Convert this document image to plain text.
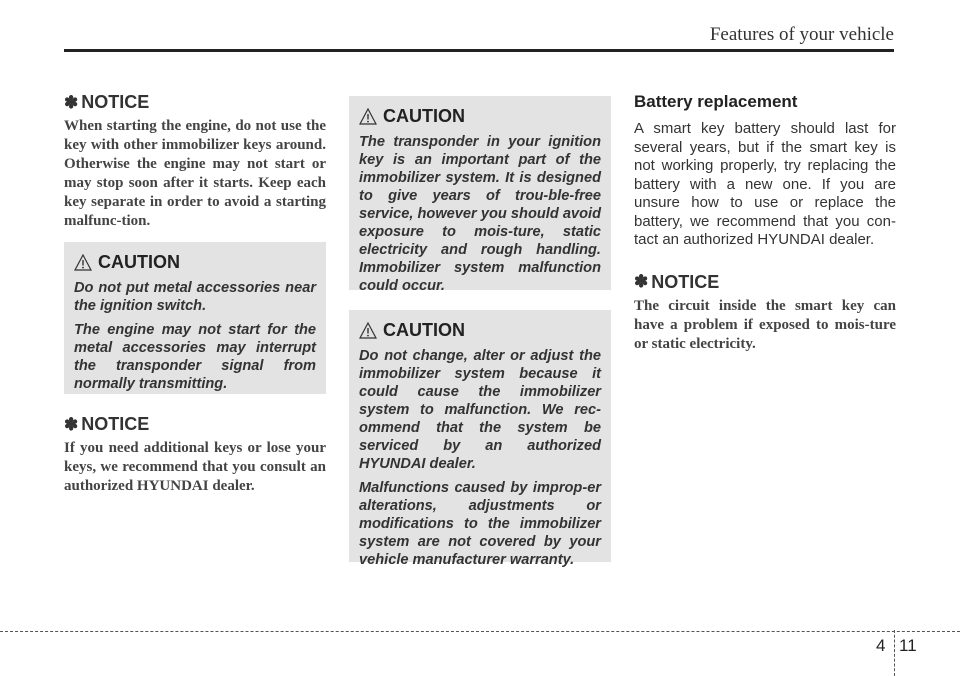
Features of your vehicle
✽ NOTICE

When starting the engine, do not use the key with other immobilizer keys around. Otherwise the engine may not start or may stop soon after it starts. Keep each key separate in order to avoid a starting malfunc-tion.

CAUTION

Do not put metal accessories near the ignition switch.

The engine may not start for the metal accessories may interrupt the transponder signal from normally transmitting.

✽ NOTICE

If you need additional keys or lose your keys, we recommend that you consult an authorized HYUNDAI dealer.

CAUTION

The transponder in your ignition key is an important part of the immobilizer system. It is designed to give years of trou-ble-free service, however you should avoid exposure to mois-ture, static electricity and rough handling. Immobilizer system malfunction could occur.

CAUTION

Do not change, alter or adjust the immobilizer system because it could cause the immobilizer system to malfunction. We rec-ommend that the system be serviced by an authorized HYUNDAI dealer.

Malfunctions caused by improp-er alterations, adjustments or modifications to the immobilizer system are not covered by your vehicle manufacturer warranty.

Battery replacement

A smart key battery should last for several years, but if the smart key is not working properly, try replacing the battery with a new one. If you are unsure how to use or replace the battery, we recommend that you con-tact an authorized HYUNDAI dealer.

✽ NOTICE

The circuit inside the smart key can have a problem if exposed to mois-ture or static electricity.

4 11
